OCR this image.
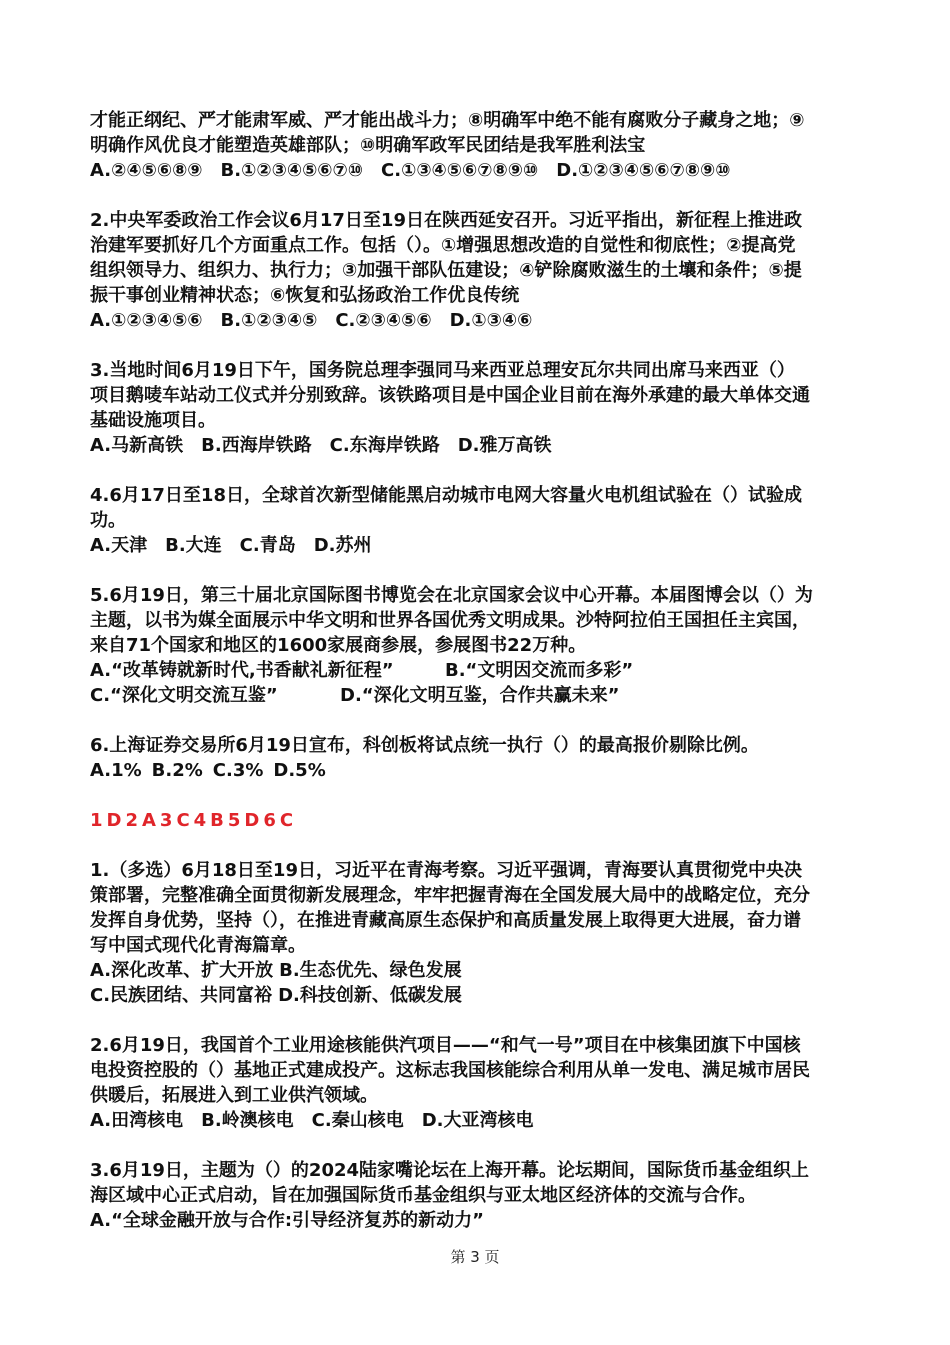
才能正纲纪、严才能肃军威、严才能出战斗力；⑧明确军中绝不能有腐败分子藏身之地；⑨

明确作风优良才能塑造英雄部队；⑩明确军政军民团结是我军胜利法宝

A.②④⑤⑥⑧⑨ B.①②③④⑤⑥⑦⑩ C.①③④⑤⑥⑦⑧⑨⑩ D.①②③④⑤⑥⑦⑧⑨⑩

2.中央军委政治工作会议6月17日至19日在陕西延安召开。习近平指出，新征程上推进政

治建军要抓好几个方面重点工作。包括（）。①增强思想改造的自觉性和彻底性；②提高党

组织领导力、组织力、执行力；③加强干部队伍建设；④铲除腐败滋生的土壤和条件；⑤提

振干事创业精神状态；⑥恢复和弘扬政治工作优良传统

A.①②③④⑤⑥ B.①②③④⑤ C.②③④⑤⑥ D.①③④⑥

3.当地时间6月19日下午，国务院总理李强同马来西亚总理安瓦尔共同出席马来西亚（）

项目鹅唛车站动工仪式并分别致辞。该铁路项目是中国企业目前在海外承建的最大单体交通

基础设施项目。

A.马新高铁 B.西海岸铁路 C.东海岸铁路 D.雅万高铁

4.6月17日至18日，全球首次新型储能黑启动城市电网大容量火电机组试验在（）试验成

功。

A.天津 B.大连 C.青岛 D.苏州

5.6月19日，第三十届北京国际图书博览会在北京国家会议中心开幕。本届图博会以（）为

主题，以书为媒全面展示中华文明和世界各国优秀文明成果。沙特阿拉伯王国担任主宾国，

来自71个国家和地区的1600家展商参展，参展图书22万种。

A.“改革铸就新时代,书香献礼新征程”	B.“文明因交流而多彩”

C.“深化文明交流互鉴”	D.“深化文明互鉴，合作共赢未来”

6.上海证券交易所6月19日宣布，科创板将试点统一执行（）的最高报价剔除比例。

A.1% B.2% C.3% D.5%

1D2A3C4B5D6C

1.（多选）6月18日至19日，习近平在青海考察。习近平强调，青海要认真贯彻党中央决

策部署，完整准确全面贯彻新发展理念，牢牢把握青海在全国发展大局中的战略定位，充分

发挥自身优势，坚持（），在推进青藏高原生态保护和高质量发展上取得更大进展，奋力谱

写中国式现代化青海篇章。

A.深化改革、扩大开放 B.生态优先、绿色发展

C.民族团结、共同富裕 D.科技创新、低碳发展

2.6月19日，我国首个工业用途核能供汽项目——“和气一号”项目在中核集团旗下中国核

电投资控股的（）基地正式建成投产。这标志我国核能综合利用从单一发电、满足城市居民

供暖后，拓展进入到工业供汽领域。

A.田湾核电 B.岭澳核电 C.秦山核电 D.大亚湾核电

3.6月19日，主题为（）的2024陆家嘴论坛在上海开幕。论坛期间，国际货币基金组织上

海区域中心正式启动，旨在加强国际货币基金组织与亚太地区经济体的交流与合作。

A.“全球金融开放与合作:引导经济复苏的新动力”

第 3 页
